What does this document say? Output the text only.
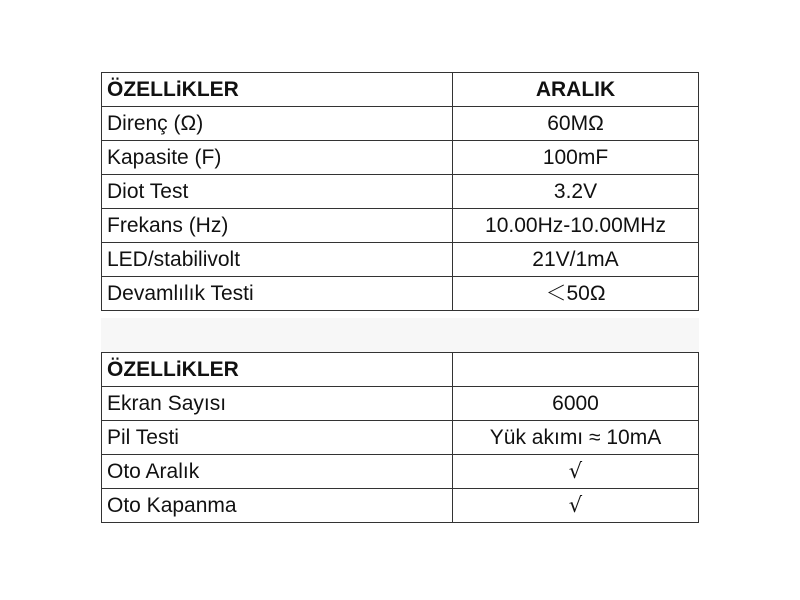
ÖZELLiKLER	ARALIK
Direnç (Ω)	60MΩ
Kapasite (F)	100mF
Diot Test	3.2V
Frekans (Hz)	10.00Hz-10.00MHz
LED/stabilivolt	21V/1mA
Devamlılık Testi	＜50Ω
ÖZELLiKLER	
Ekran Sayısı	6000
Pil Testi	Yük akımı ≈ 10mA
Oto Aralık	√
Oto Kapanma	√
